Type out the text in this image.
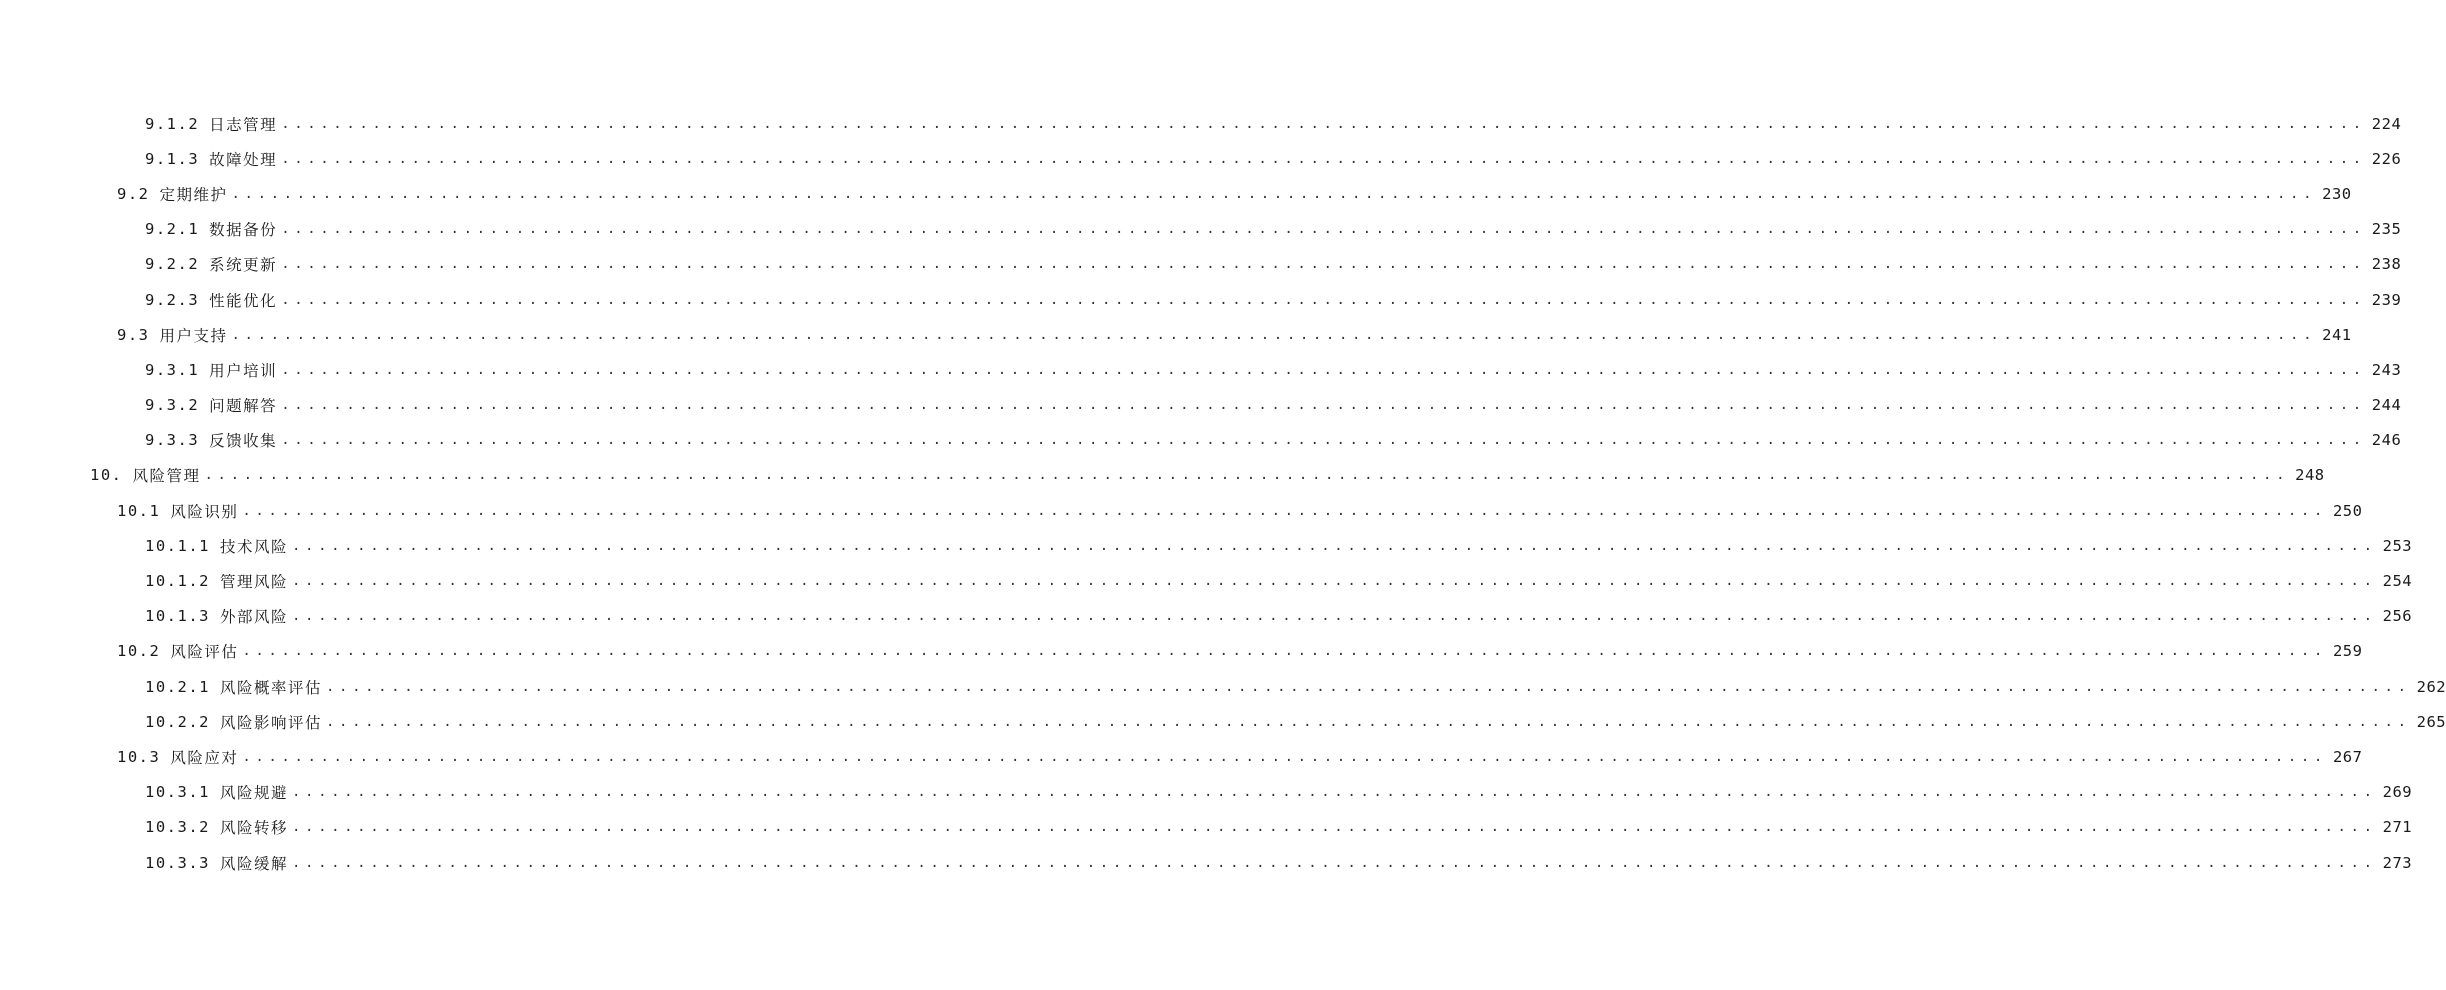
9.1.2 日志管理 ................................................................................................................................................................ 224
9.1.3 故障处理 ................................................................................................................................................................ 226
9.2 定期维护 ................................................................................................................................................................ 230
9.2.1 数据备份 ................................................................................................................................................................ 235
9.2.2 系统更新 ................................................................................................................................................................ 238
9.2.3 性能优化 ................................................................................................................................................................ 239
9.3 用户支持 ................................................................................................................................................................ 241
9.3.1 用户培训 ................................................................................................................................................................ 243
9.3.2 问题解答 ................................................................................................................................................................ 244
9.3.3 反馈收集 ................................................................................................................................................................ 246
10. 风险管理 ................................................................................................................................................................ 248
10.1 风险识别 ................................................................................................................................................................ 250
10.1.1 技术风险 ................................................................................................................................................................ 253
10.1.2 管理风险 ................................................................................................................................................................ 254
10.1.3 外部风险 ................................................................................................................................................................ 256
10.2 风险评估 ................................................................................................................................................................ 259
10.2.1 风险概率评估 ................................................................................................................................................................ 262
10.2.2 风险影响评估 ................................................................................................................................................................ 265
10.3 风险应对 ................................................................................................................................................................ 267
10.3.1 风险规避 ................................................................................................................................................................ 269
10.3.2 风险转移 ................................................................................................................................................................ 271
10.3.3 风险缓解 ................................................................................................................................................................ 273
